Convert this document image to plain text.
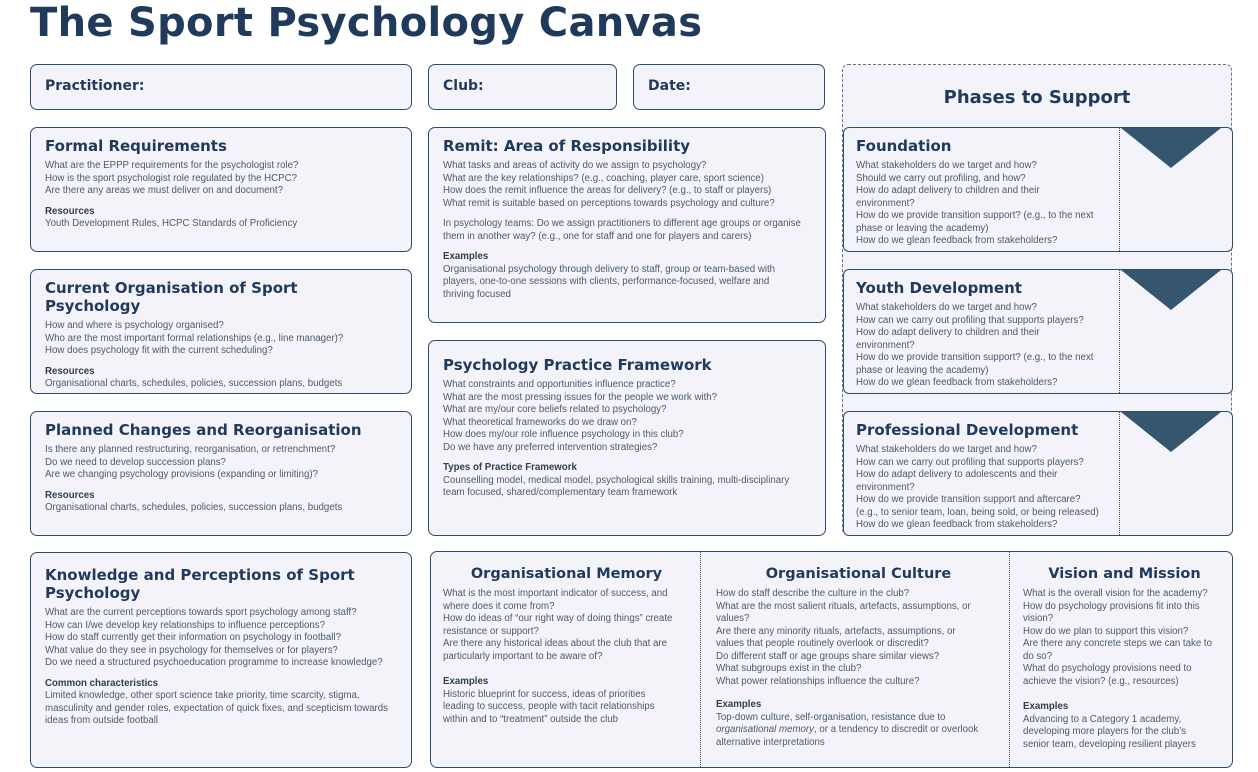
The Sport Psychology Canvas
Practitioner:	Club:	Date:
Formal Requirements
What are the EPPP requirements for the psychologist role?
How is the sport psychologist role regulated by the HCPC?
Are there any areas we must deliver on and document?
Resources
Youth Development Rules, HCPC Standards of Proficiency
Current Organisation of Sport Psychology
How and where is psychology organised?
Who are the most important formal relationships (e.g., line manager)?
How does psychology fit with the current scheduling?
Resources
Organisational charts, schedules, policies, succession plans, budgets
Planned Changes and Reorganisation
Is there any planned restructuring, reorganisation, or retrenchment?
Do we need to develop succession plans?
Are we changing psychology provisions (expanding or limiting)?
Resources
Organisational charts, schedules, policies, succession plans, budgets
Knowledge and Perceptions of Sport Psychology
What are the current perceptions towards sport psychology among staff?
How can I/we develop key relationships to influence perceptions?
How do staff currently get their information on psychology in football?
What value do they see in psychology for themselves or for players?
Do we need a structured psychoeducation programme to increase knowledge?
Common characteristics
Limited knowledge, other sport science take priority, time scarcity, stigma,
masculinity and gender roles, expectation of quick fixes, and scepticism towards
ideas from outside football
Remit: Area of Responsibility
What tasks and areas of activity do we assign to psychology?
What are the key relationships? (e.g., coaching, player care, sport science)
How does the remit influence the areas for delivery? (e.g., to staff or players)
What remit is suitable based on perceptions towards psychology and culture?
In psychology teams: Do we assign practitioners to different age groups or organise
them in another way? (e.g., one for staff and one for players and carers)
Examples
Organisational psychology through delivery to staff, group or team-based with
players, one-to-one sessions with clients, performance-focused, welfare and
thriving focused
Psychology Practice Framework
What constraints and opportunities influence practice?
What are the most pressing issues for the people we work with?
What are my/our core beliefs related to psychology?
What theoretical frameworks do we draw on?
How does my/our role influence psychology in this club?
Do we have any preferred intervention strategies?
Types of Practice Framework
Counselling model, medical model, psychological skills training, multi-disciplinary
team focused, shared/complementary team framework
Phases to Support
Foundation
What stakeholders do we target and how?
Should we carry out profiling, and how?
How do adapt delivery to children and their
environment?
How do we provide transition support? (e.g., to the next
phase or leaving the academy)
How do we glean feedback from stakeholders?
Youth Development
What stakeholders do we target and how?
How can we carry out profiling that supports players?
How do adapt delivery to children and their
environment?
How do we provide transition support? (e.g., to the next
phase or leaving the academy)
How do we glean feedback from stakeholders?
Professional Development
What stakeholders do we target and how?
How can we carry out profiling that supports players?
How do adapt delivery to adolescents and their
environment?
How do we provide transition support and aftercare?
(e.g., to senior team, loan, being sold, or being released)
How do we glean feedback from stakeholders?
Organisational Memory
What is the most important indicator of success, and
where does it come from?
How do ideas of “our right way of doing things” create
resistance or support?
Are there any historical ideas about the club that are
particularly important to be aware of?
Examples
Historic blueprint for success, ideas of priorities
leading to success, people with tacit relationships
within and to “treatment” outside the club
Organisational Culture
How do staff describe the culture in the club?
What are the most salient rituals, artefacts, assumptions, or
values?
Are there any minority rituals, artefacts, assumptions, or
values that people routinely overlook or discredit?
Do different staff or age groups share similar views?
What subgroups exist in the club?
What power relationships influence the culture?
Examples
Top-down culture, self-organisation, resistance due to
organisational memory, or a tendency to discredit or overlook
alternative interpretations
Vision and Mission
What is the overall vision for the academy?
How do psychology provisions fit into this
vision?
How do we plan to support this vision?
Are there any concrete steps we can take to
do so?
What do psychology provisions need to
achieve the vision? (e.g., resources)
Examples
Advancing to a Category 1 academy,
developing more players for the club’s
senior team, developing resilient players
